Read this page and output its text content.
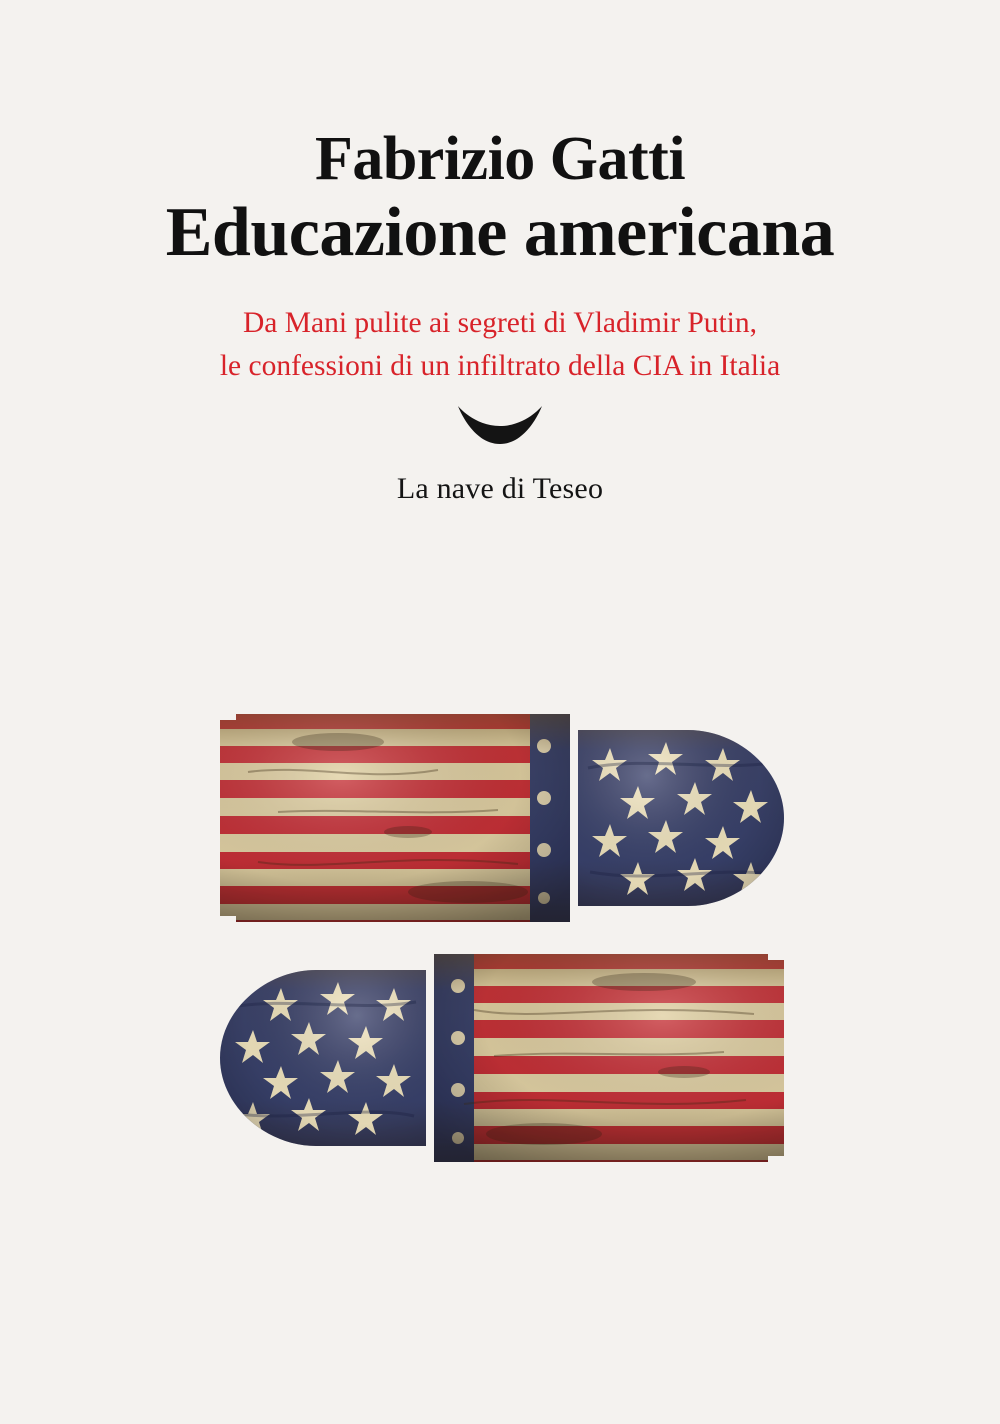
Fabrizio Gatti
Educazione americana
Da Mani pulite ai segreti di Vladimir Putin,
le confessioni di un infiltrato della CIA in Italia
La nave di Teseo
